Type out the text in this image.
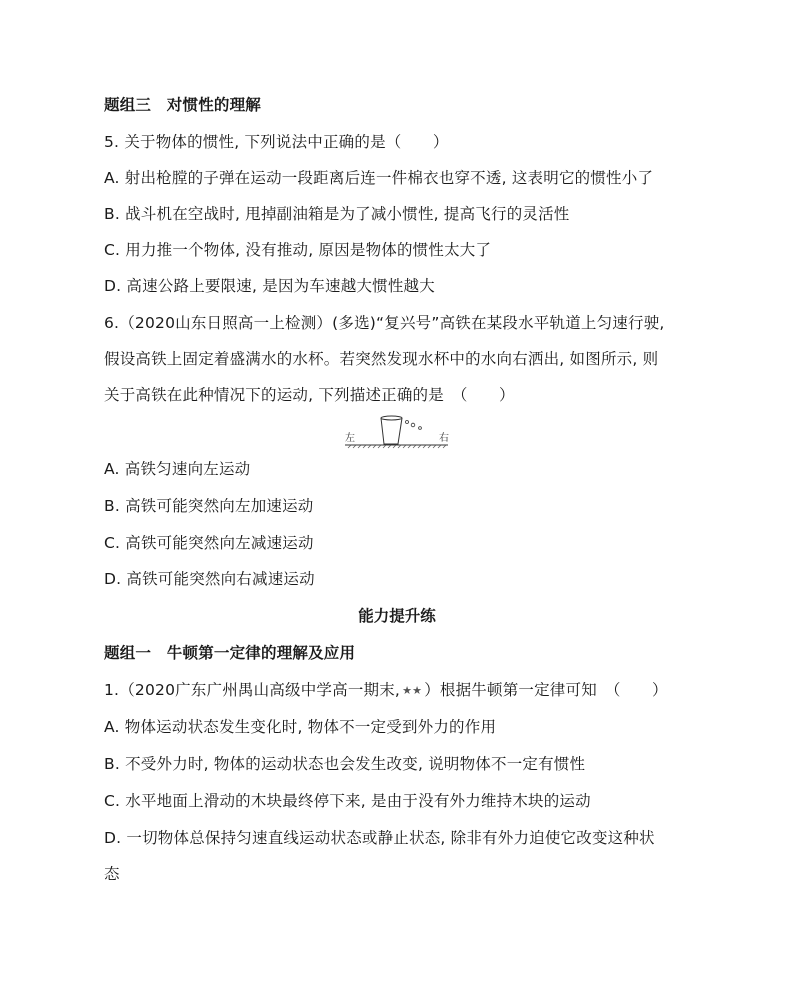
题组三　对惯性的理解
5. 关于物体的惯性, 下列说法中正确的是（　　）
A. 射出枪膛的子弹在运动一段距离后连一件棉衣也穿不透, 这表明它的惯性小了
B. 战斗机在空战时, 甩掉副油箱是为了减小惯性, 提高飞行的灵活性
C. 用力推一个物体, 没有推动, 原因是物体的惯性太大了
D. 高速公路上要限速, 是因为车速越大惯性越大
6.（2020山东日照高一上检测）(多选)“复兴号”高铁在某段水平轨道上匀速行驶,
假设高铁上固定着盛满水的水杯。若突然发现水杯中的水向右洒出, 如图所示, 则
关于高铁在此种情况下的运动, 下列描述正确的是　（　　）
左	右
A. 高铁匀速向左运动
B. 高铁可能突然向左加速运动
C. 高铁可能突然向左减速运动
D. 高铁可能突然向右减速运动
能力提升练
题组一　牛顿第一定律的理解及应用
1.（2020广东广州禺山高级中学高一期末, ★★ ）根据牛顿第一定律可知　（　　）
A. 物体运动状态发生变化时, 物体不一定受到外力的作用
B. 不受外力时, 物体的运动状态也会发生改变, 说明物体不一定有惯性
C. 水平地面上滑动的木块最终停下来, 是由于没有外力维持木块的运动
D. 一切物体总保持匀速直线运动状态或静止状态, 除非有外力迫使它改变这种状
态
